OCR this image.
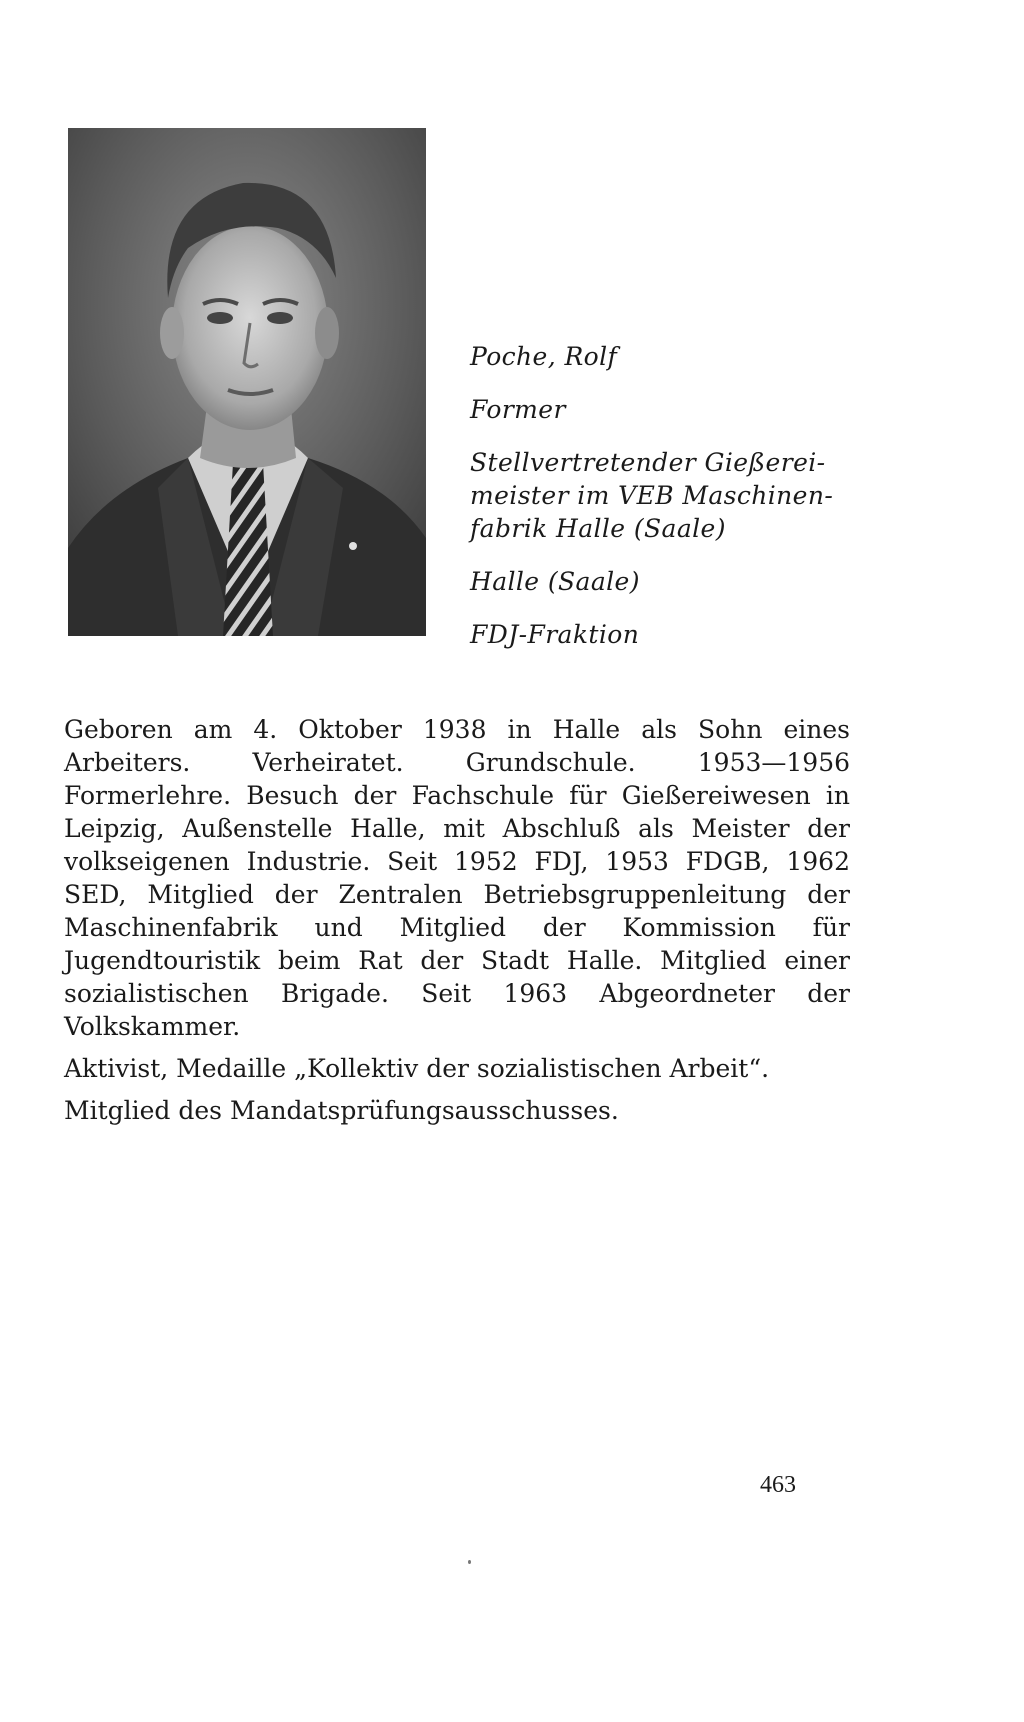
Poche, Rolf
Former
Stellvertretender Gießerei-
meister im VEB Maschinen-
fabrik Halle (Saale)
Halle (Saale)
FDJ-Fraktion

Geboren am 4. Oktober 1938 in Halle als Sohn eines Arbeiters. Verheiratet. Grundschule. 1953—1956 Formerlehre. Besuch der Fachschule für Gießereiwesen in Leipzig, Außenstelle Halle, mit Abschluß als Meister der volkseigenen Industrie. Seit 1952 FDJ, 1953 FDGB, 1962 SED, Mitglied der Zentralen Betriebsgruppenleitung der Maschinenfabrik und Mitglied der Kommission für Jugendtouristik beim Rat der Stadt Halle. Mitglied einer sozialistischen Brigade. Seit 1963 Abgeordneter der Volkskammer.

Aktivist, Medaille „Kollektiv der sozialistischen Arbeit“.

Mitglied des Mandatsprüfungsausschusses.

463
